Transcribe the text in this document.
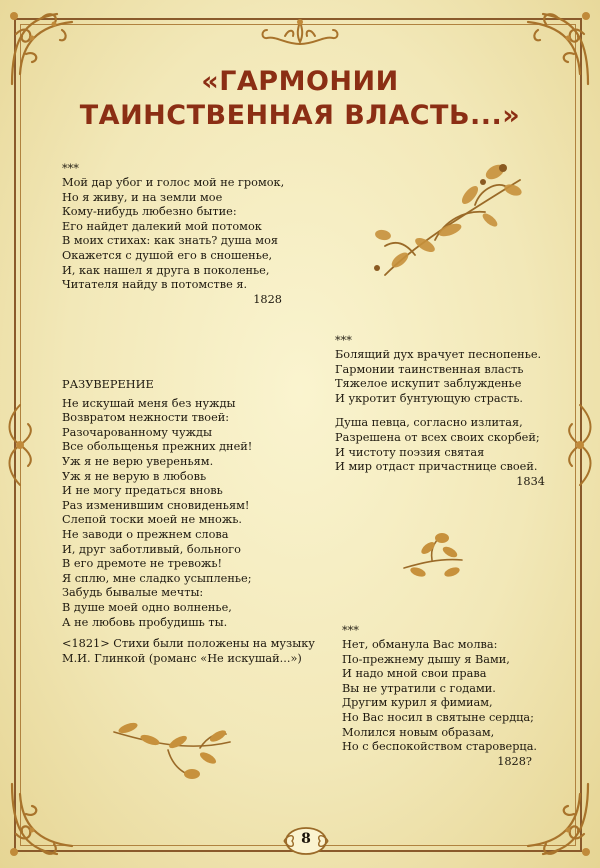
«ГАРМОНИИ
ТАИНСТВЕННАЯ ВЛАСТЬ...»
***
Мой дар убог и голос мой не громок,
Но я живу, и на земли мое
Кому-нибудь любезно бытие:
Его найдет далекий мой потомок
В моих стихах: как знать? душа моя
Окажется с душой его в сношенье,
И, как нашел я друга в поколенье,
Читателя найду в потомстве я.
1828
РАЗУВЕРЕНИЕ
Не искушай меня без нужды
Возвратом нежности твоей:
Разочарованному чужды
Все обольщенья прежних дней!
Уж я не верю увереньям.
Уж я не верую в любовь
И не могу предаться вновь
Раз изменившим сновиденьям!
Слепой тоски моей не множь.
Не заводи о прежнем слова
И, друг заботливый, больного
В его дремоте не тревожь!
Я сплю, мне сладко усыпленье;
Забудь бывалые мечты:
В душе моей одно волненье,
А не любовь пробудишь ты.
<1821> Стихи были положены на музыку
М.И. Глинкой (романс «Не искушай...»)
***
Болящий дух врачует песнопенье.
Гармонии таинственная власть
Тяжелое искупит заблужденье
И укротит бунтующую страсть.
Душа певца, согласно излитая,
Разрешена от всех своих скорбей;
И чистоту поэзия святая
И мир отдаст причастнице своей.
1834
***
Нет, обманула Вас молва:
По-прежнему дышу я Вами,
И надо мной свои права
Вы не утратили с годами.
Другим курил я фимиам,
Но Вас носил в святыне сердца;
Молился новым образам,
Но с беспокойством староверца.
1828?
8
